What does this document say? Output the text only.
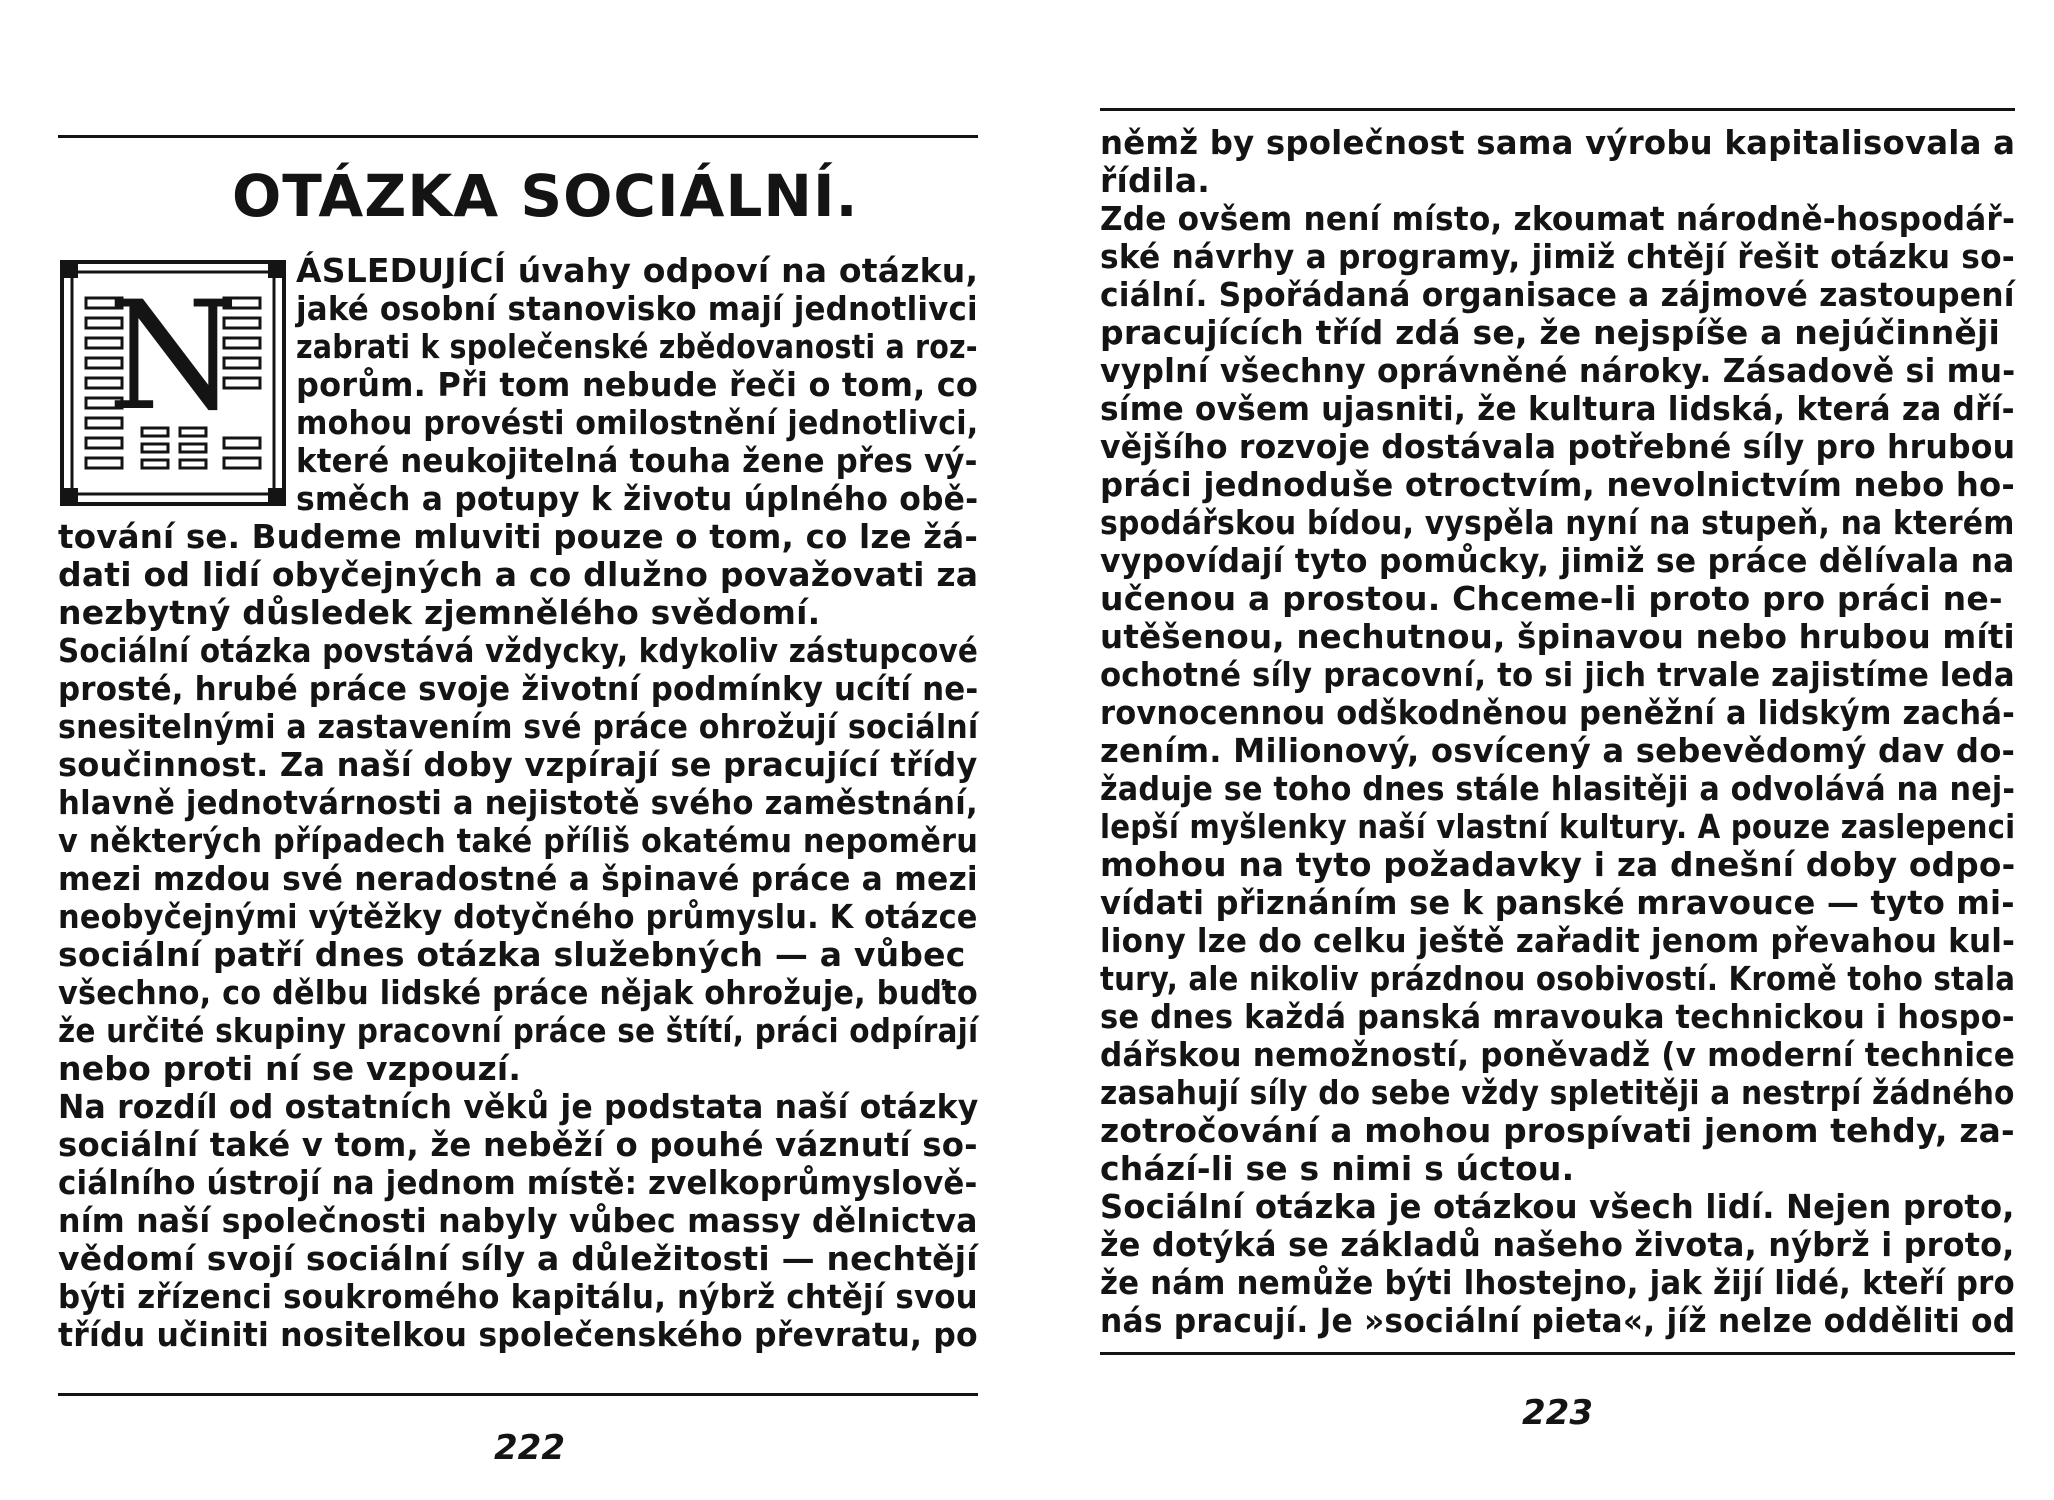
OTÁZKA SOCIÁLNÍ.
N ÁSLEDUJÍCÍ úvahy odpoví na otázku,
jaké osobní stanovisko mají jednotlivci
zabrati k společenské zbědovanosti a roz-
porům. Při tom nebude řeči o tom, co
mohou provésti omilostnění jednotlivci,
které neukojitelná touha žene přes vý-
směch a potupy k životu úplného obě-
tování se. Budeme mluviti pouze o tom, co lze žá-
dati od lidí obyčejných a co dlužno považovati za
nezbytný důsledek zjemnělého svědomí.
Sociální otázka povstává vždycky, kdykoliv zástupcové
prosté, hrubé práce svoje životní podmínky ucítí ne-
snesitelnými a zastavením své práce ohrožují sociální
součinnost. Za naší doby vzpírají se pracující třídy
hlavně jednotvárnosti a nejistotě svého zaměstnání,
v některých případech také příliš okatému nepoměru
mezi mzdou své neradostné a špinavé práce a mezi
neobyčejnými výtěžky dotyčného průmyslu. K otázce
sociální patří dnes otázka služebných — a vůbec
všechno, co dělbu lidské práce nějak ohrožuje, buďto
že určité skupiny pracovní práce se štítí, práci odpírají
nebo proti ní se vzpouzí.
Na rozdíl od ostatních věků je podstata naší otázky
sociální také v tom, že neběží o pouhé váznutí so-
ciálního ústrojí na jednom místě: zvelkoprůmyslově-
ním naší společnosti nabyly vůbec massy dělnictva
vědomí svojí sociální síly a důležitosti — nechtějí
býti zřízenci soukromého kapitálu, nýbrž chtějí svou
třídu učiniti nositelkou společenského převratu, po
222
němž by společnost sama výrobu kapitalisovala a
řídila.
Zde ovšem není místo, zkoumat národně-hospodář-
ské návrhy a programy, jimiž chtějí řešit otázku so-
ciální. Spořádaná organisace a zájmové zastoupení
pracujících tříd zdá se, že nejspíše a nejúčinněji
vyplní všechny oprávněné nároky. Zásadově si mu-
síme ovšem ujasniti, že kultura lidská, která za dří-
vějšího rozvoje dostávala potřebné síly pro hrubou
práci jednoduše otroctvím, nevolnictvím nebo ho-
spodářskou bídou, vyspěla nyní na stupeň, na kterém
vypovídají tyto pomůcky, jimiž se práce dělívala na
učenou a prostou. Chceme-li proto pro práci ne-
utěšenou, nechutnou, špinavou nebo hrubou míti
ochotné síly pracovní, to si jich trvale zajistíme leda
rovnocennou odškodněnou peněžní a lidským zachá-
zením. Milionový, osvícený a sebevědomý dav do-
žaduje se toho dnes stále hlasitěji a odvolává na nej-
lepší myšlenky naší vlastní kultury. A pouze zaslepenci
mohou na tyto požadavky i za dnešní doby odpo-
vídati přiznáním se k panské mravouce — tyto mi-
liony lze do celku ještě zařadit jenom převahou kul-
tury, ale nikoliv prázdnou osobivostí. Kromě toho stala
se dnes každá panská mravouka technickou i hospo-
dářskou nemožností, poněvadž (v moderní technice
zasahují síly do sebe vždy spletitěji a nestrpí žádného
zotročování a mohou prospívati jenom tehdy, za-
chází-li se s nimi s úctou.
Sociální otázka je otázkou všech lidí. Nejen proto,
že dotýká se základů našeho života, nýbrž i proto,
že nám nemůže býti lhostejno, jak žijí lidé, kteří pro
nás pracují. Je »sociální pieta«, jíž nelze odděliti od
223
